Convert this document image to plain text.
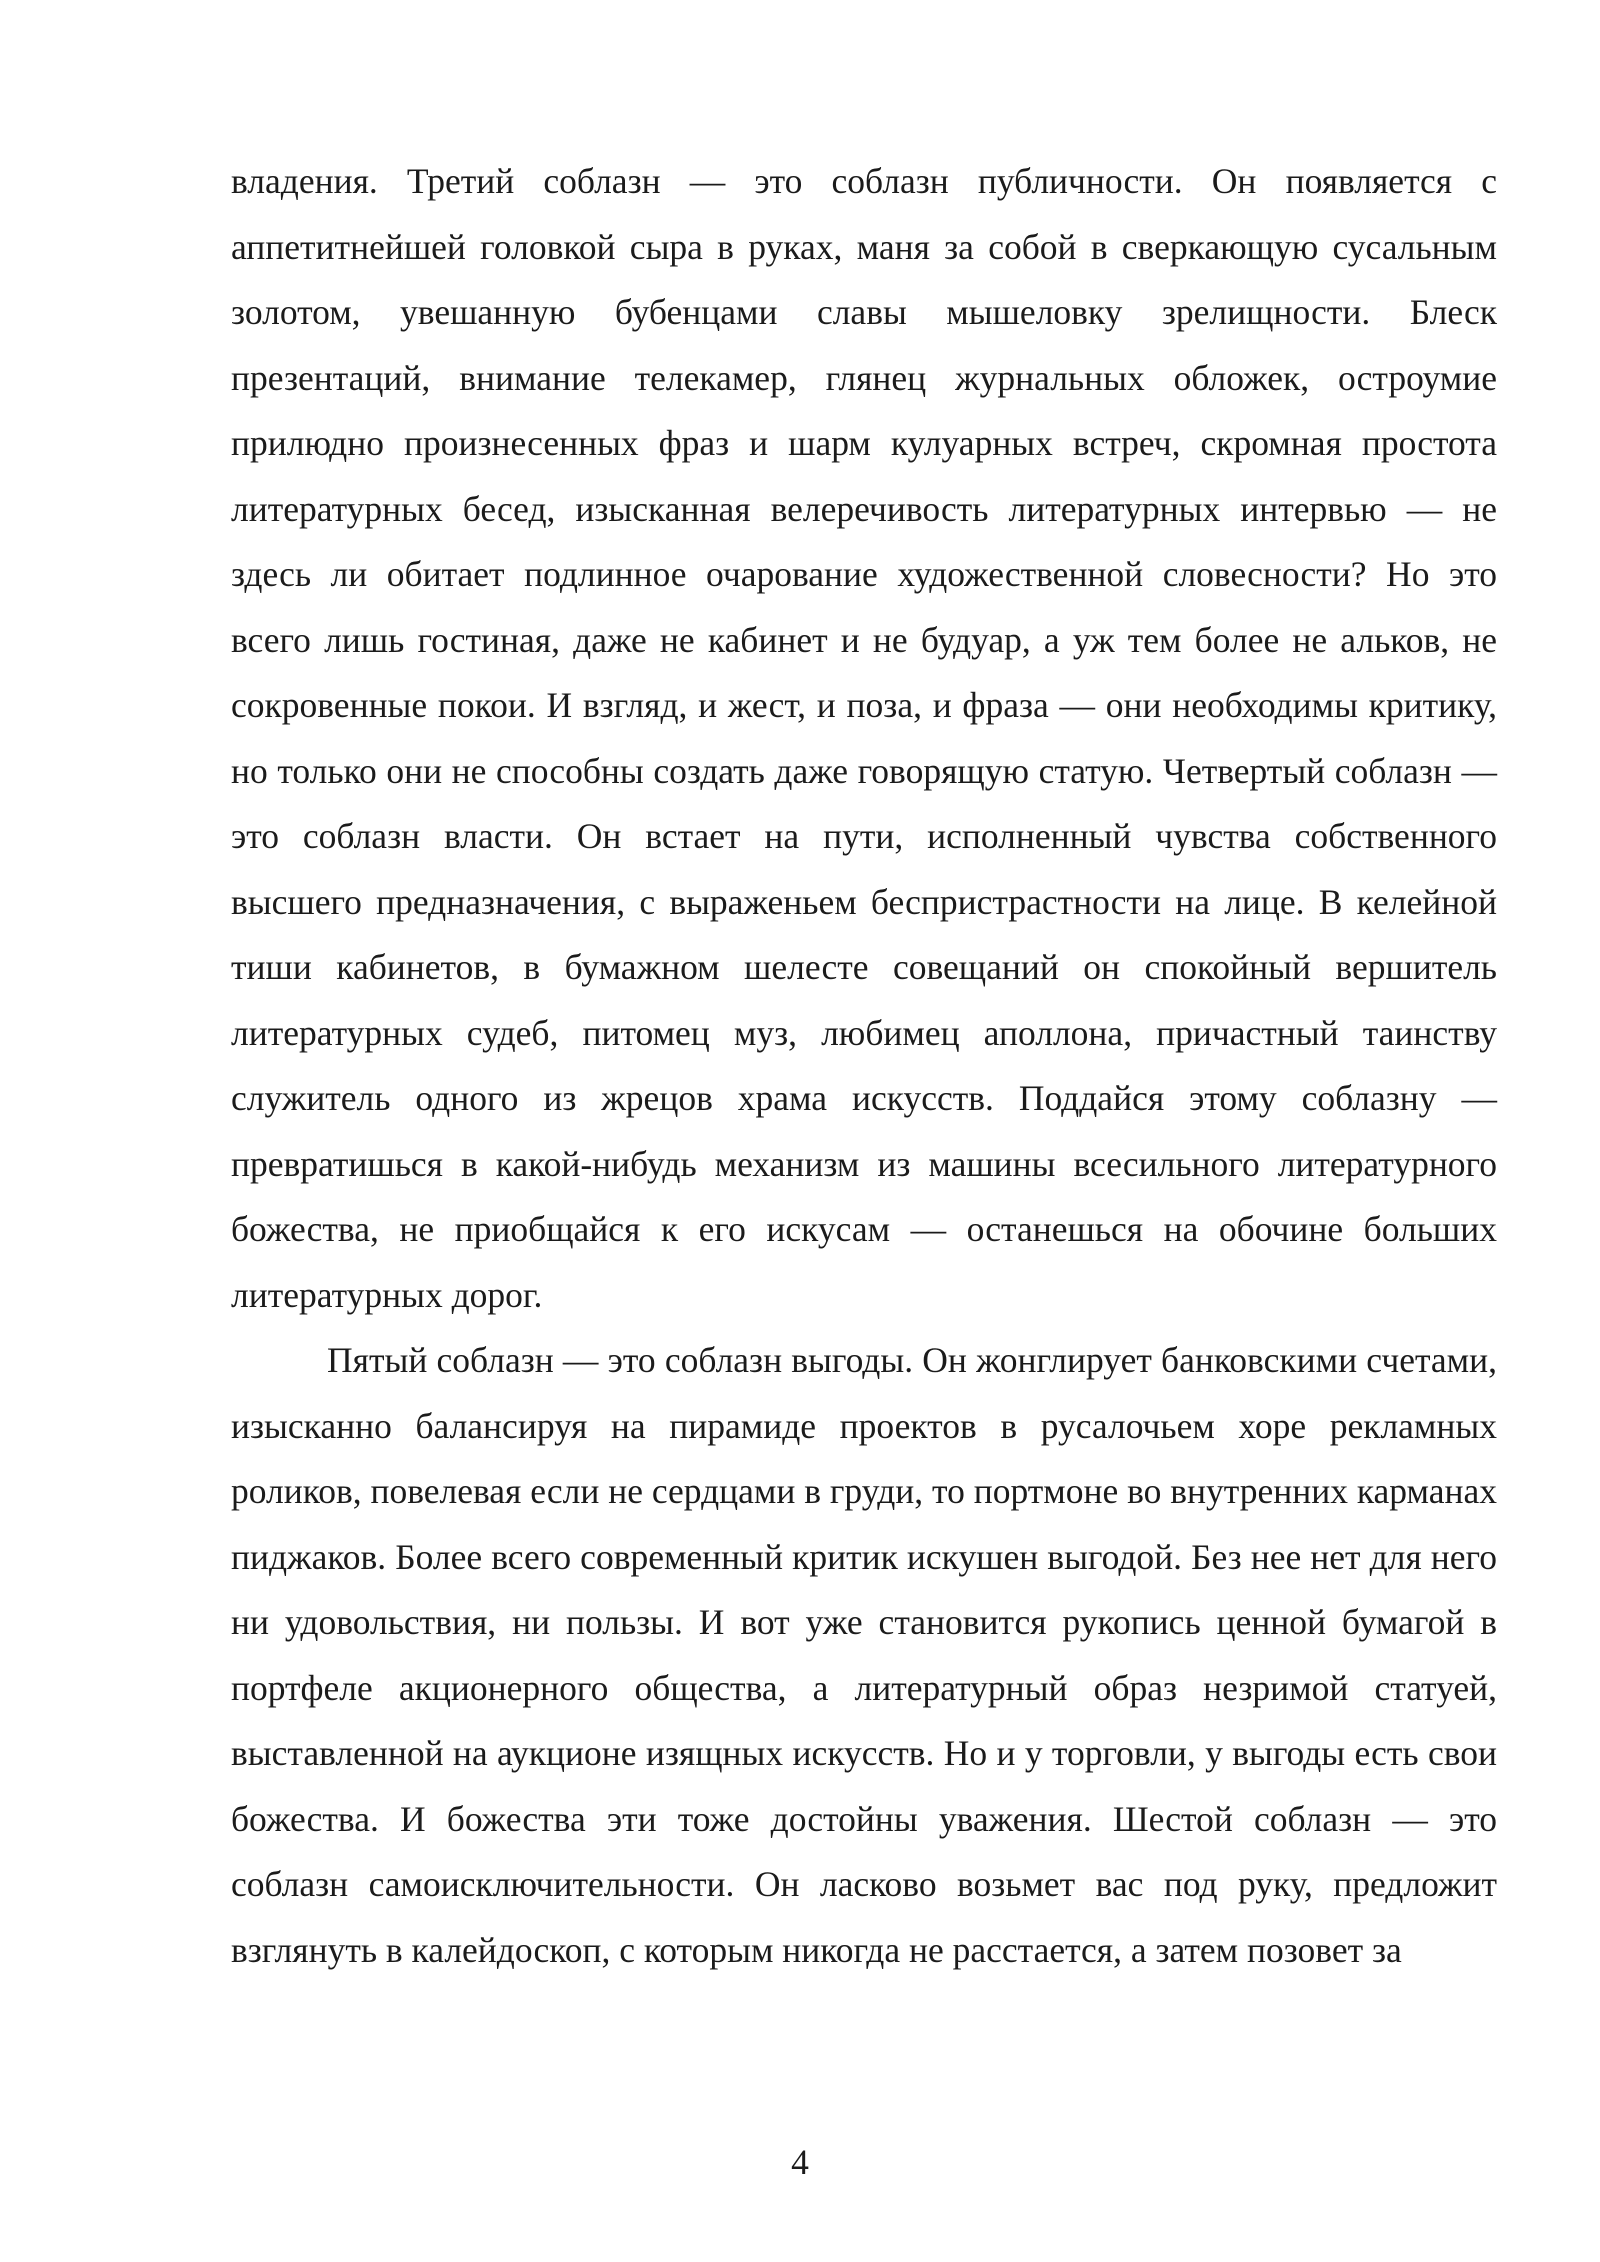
владения. Третий соблазн — это соблазн публичности. Он появляется с аппетитнейшей головкой сыра в руках, маня за собой в сверкающую сусальным золотом, увешанную бубенцами славы мышеловку зрелищности. Блеск презентаций, внимание телекамер, глянец журнальных обложек, остроумие прилюдно произнесенных фраз и шарм кулуарных встреч, скромная простота литературных бесед, изысканная велеречивость литературных интервью — не здесь ли обитает подлинное очарование художественной словесности? Но это всего лишь гостиная, даже не кабинет и не будуар, а уж тем более не альков, не сокровенные покои. И взгляд, и жест, и поза, и фраза — они необходимы критику, но только они не способны создать даже говорящую статую. Четвертый соблазн — это соблазн власти. Он встает на пути, исполненный чувства собственного высшего предназначения, с выраженьем беспристрастности на лице. В келейной тиши кабинетов, в бумажном шелесте совещаний он спокойный вершитель литературных судеб, питомец муз, любимец аполлона, причастный таинству служитель одного из жрецов храма искусств. Поддайся этому соблазну — превратишься в какой-нибудь механизм из машины всесильного литературного божества, не приобщайся к его искусам — останешься на обочине больших литературных дорог.

Пятый соблазн — это соблазн выгоды. Он жонглирует банковскими счетами, изысканно балансируя на пирамиде проектов в русалочьем хоре рекламных роликов, повелевая если не сердцами в груди, то портмоне во внутренних карманах пиджаков. Более всего современный критик искушен выгодой. Без нее нет для него ни удовольствия, ни пользы. И вот уже становится рукопись ценной бумагой в портфеле акционерного общества, а литературный образ незримой статуей, выставленной на аукционе изящных искусств. Но и у торговли, у выгоды есть свои божества. И божества эти тоже достойны уважения. Шестой соблазн — это соблазн самоисключительности. Он ласково возьмет вас под руку, предложит взглянуть в калейдоскоп, с которым никогда не расстается, а затем позовет за

4
